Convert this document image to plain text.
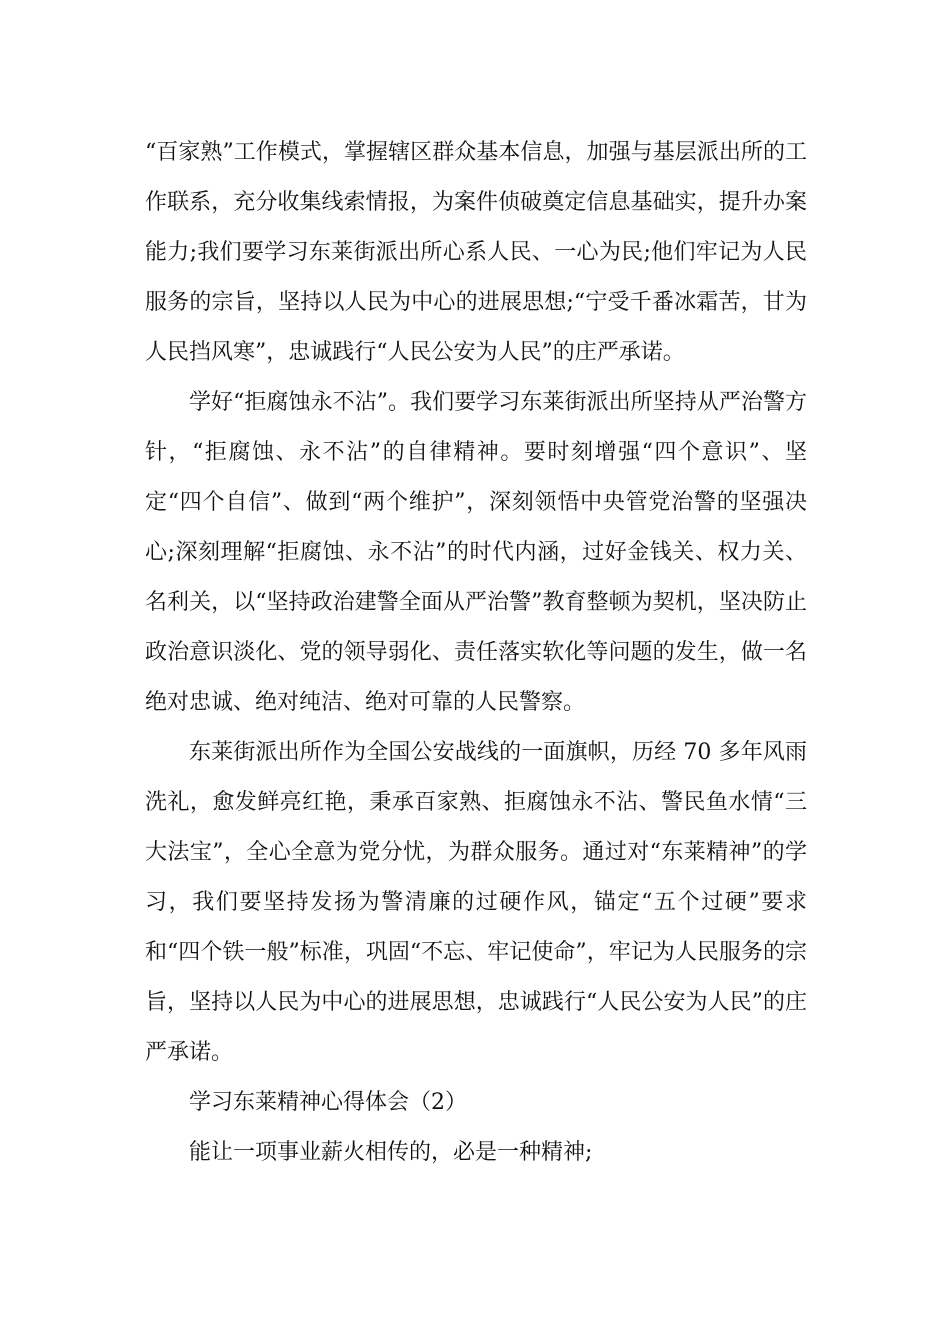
“百家熟”工作模式，掌握辖区群众基本信息，加强与基层派出所的工作联系，充分收集线索情报，为案件侦破奠定信息基础实，提升办案能力;我们要学习东莱街派出所心系人民、一心为民;他们牢记为人民服务的宗旨，坚持以人民为中心的进展思想;“宁受千番冰霜苦，甘为人民挡风寒”，忠诚践行“人民公安为人民”的庄严承诺。

学好“拒腐蚀永不沾”。我们要学习东莱街派出所坚持从严治警方针，“拒腐蚀、永不沾”的自律精神。要时刻增强“四个意识”、坚定“四个自信”、做到“两个维护”，深刻领悟中央管党治警的坚强决心;深刻理解“拒腐蚀、永不沾”的时代内涵，过好金钱关、权力关、名利关，以“坚持政治建警全面从严治警”教育整顿为契机，坚决防止政治意识淡化、党的领导弱化、责任落实软化等问题的发生，做一名绝对忠诚、绝对纯洁、绝对可靠的人民警察。

东莱街派出所作为全国公安战线的一面旗帜，历经 70 多年风雨洗礼，愈发鲜亮红艳，秉承百家熟、拒腐蚀永不沾、警民鱼水情“三大法宝”，全心全意为党分忧，为群众服务。通过对“东莱精神”的学习，我们要坚持发扬为警清廉的过硬作风，锚定“五个过硬”要求和“四个铁一般”标准，巩固“不忘、牢记使命”，牢记为人民服务的宗旨，坚持以人民为中心的进展思想，忠诚践行“人民公安为人民”的庄严承诺。

学习东莱精神心得体会（2）

能让一项事业薪火相传的，必是一种精神;
